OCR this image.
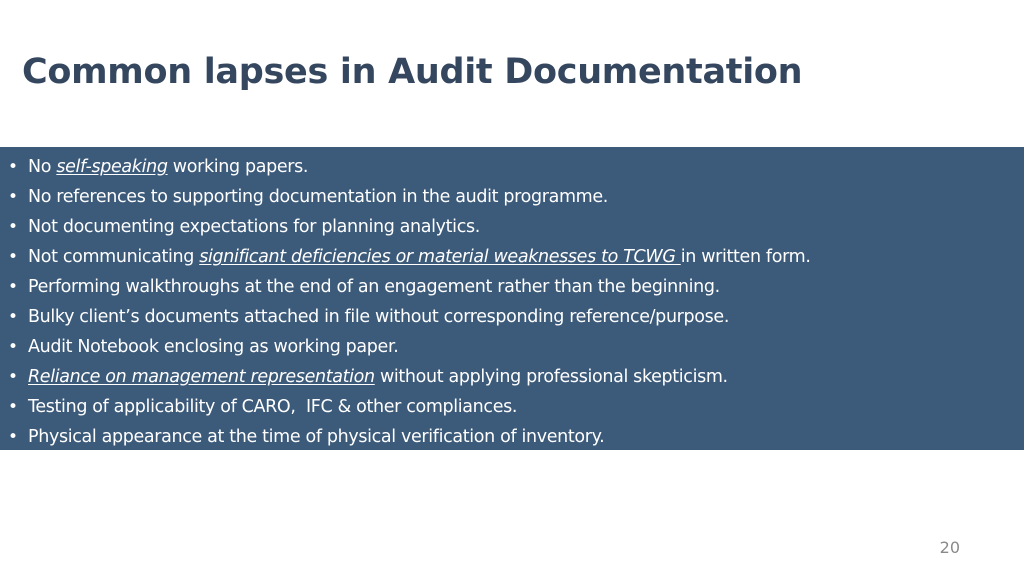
Common lapses in Audit Documentation
• No self-speaking working papers.
• No references to supporting documentation in the audit programme.
• Not documenting expectations for planning analytics.
• Not communicating significant deficiencies or material weaknesses to TCWG in written form.
• Performing walkthroughs at the end of an engagement rather than the beginning.
• Bulky client’s documents attached in file without corresponding reference/purpose.
• Audit Notebook enclosing as working paper.
• Reliance on management representation without applying professional skepticism.
• Testing of applicability of CARO,  IFC & other compliances.
• Physical appearance at the time of physical verification of inventory.
20
